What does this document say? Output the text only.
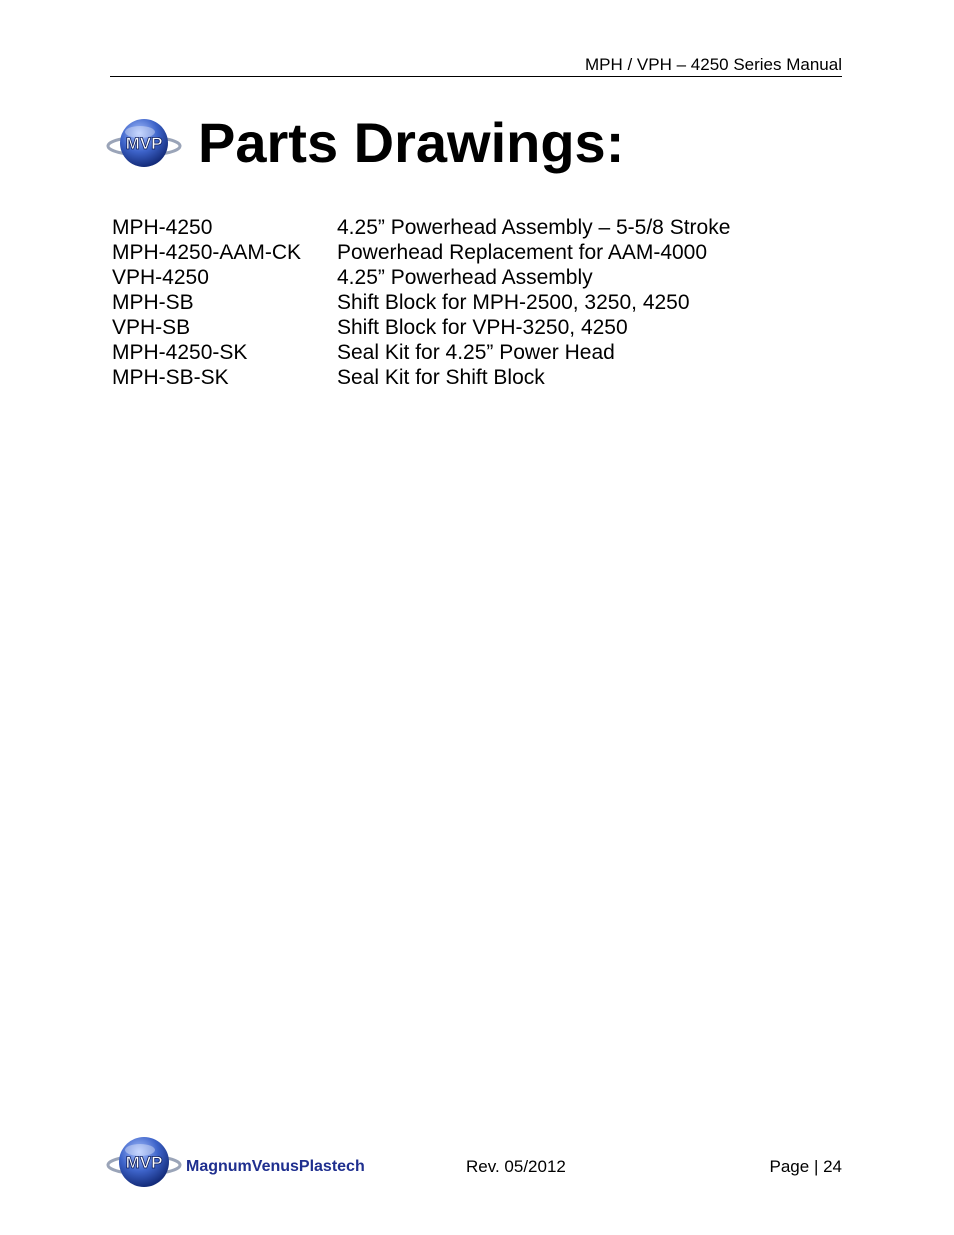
MPH / VPH – 4250 Series Manual
MVP Parts Drawings:
MPH-4250	4.25” Powerhead Assembly – 5-5/8 Stroke
MPH-4250-AAM-CK	Powerhead Replacement for AAM-4000
VPH-4250	4.25” Powerhead Assembly
MPH-SB	Shift Block for MPH-2500, 3250, 4250
VPH-SB	Shift Block for VPH-3250, 4250
MPH-4250-SK	Seal Kit for 4.25” Power Head
MPH-SB-SK	Seal Kit for Shift Block
MVP MagnumVenusPlastech	Rev. 05/2012	Page | 24
